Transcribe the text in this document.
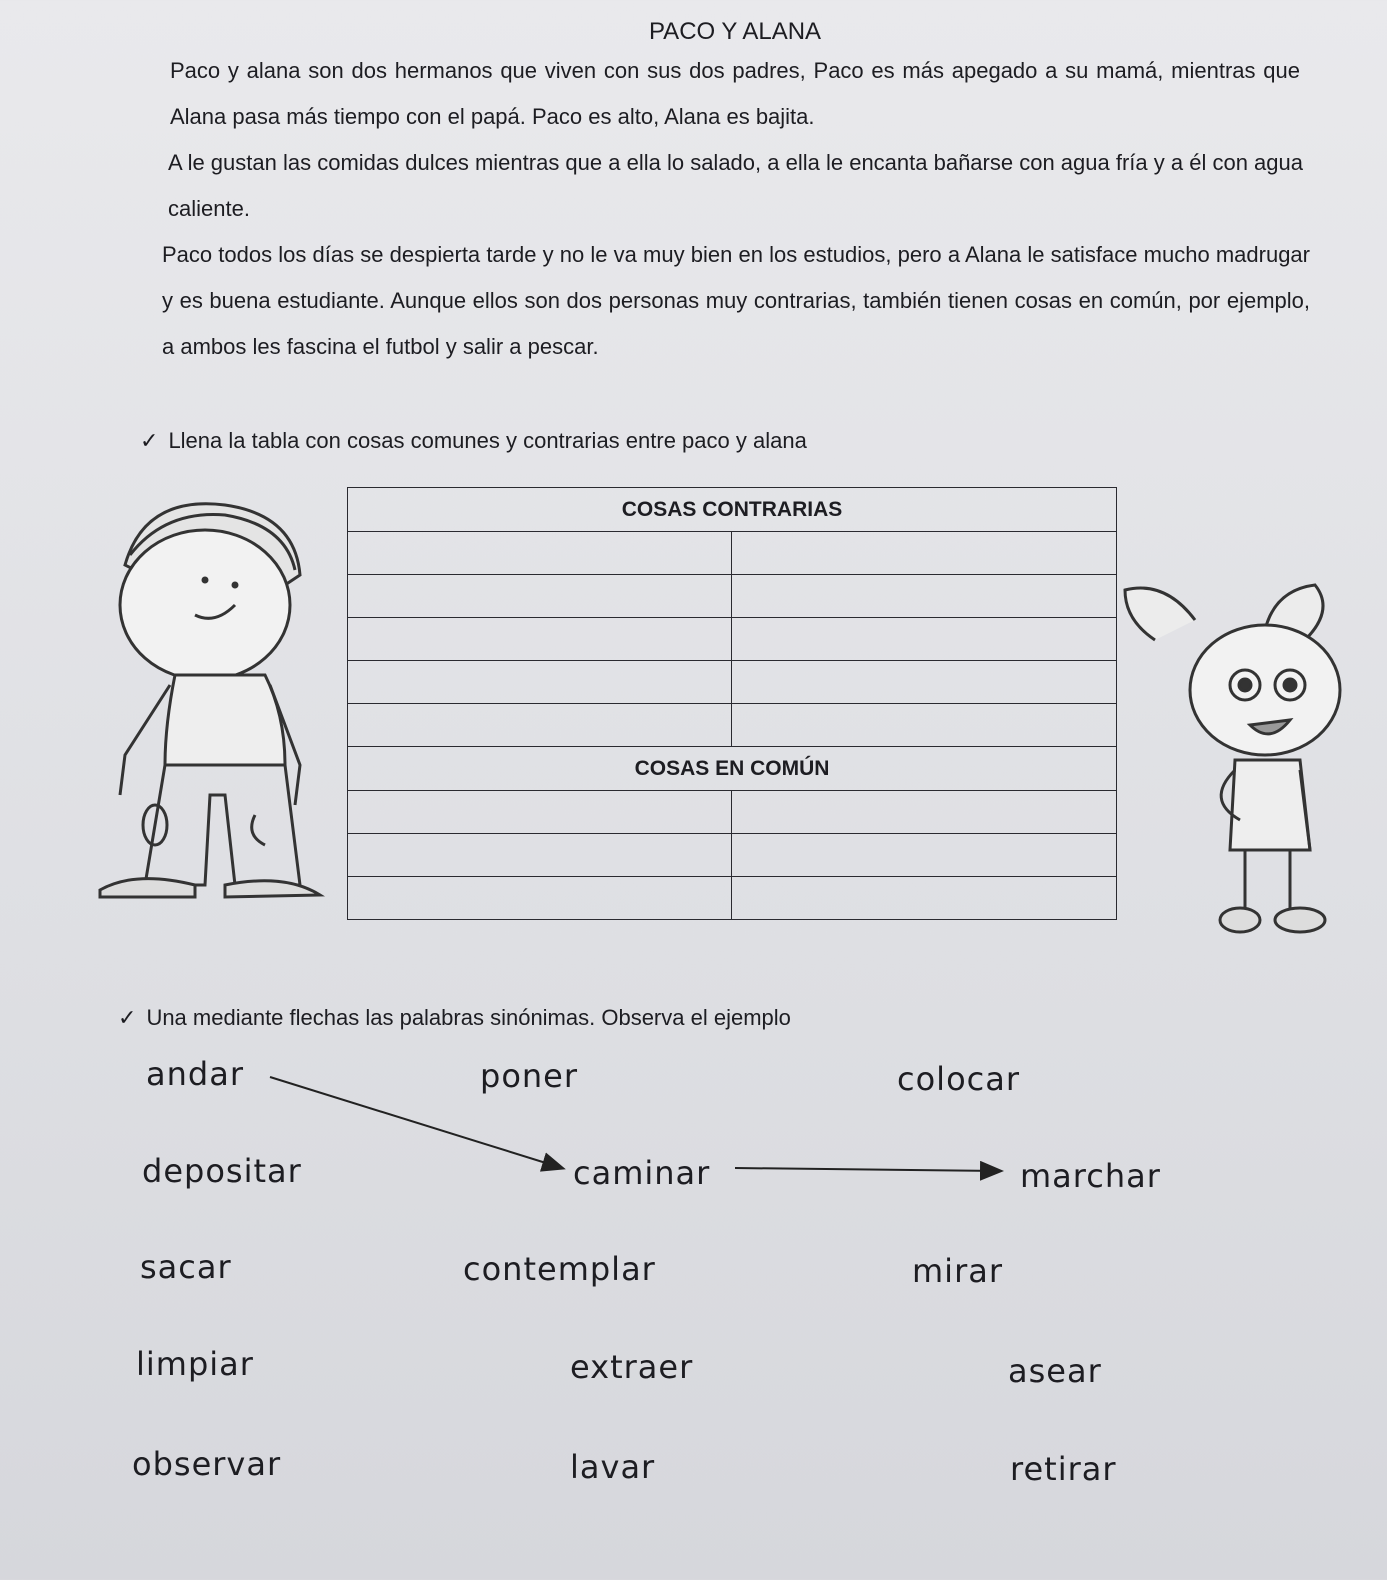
PACO Y ALANA

Paco y alana son dos hermanos que viven con sus dos padres, Paco es más apegado a su mamá, mientras que Alana pasa más tiempo con el papá. Paco es alto, Alana es bajita.

A le gustan las comidas dulces mientras que a ella lo salado, a ella le encanta bañarse con agua fría y a él con agua caliente.

Paco todos los días se despierta tarde y no le va muy bien en los estudios, pero a Alana le satisface mucho madrugar y es buena estudiante. Aunque ellos son dos personas muy contrarias, también tienen cosas en común, por ejemplo, a ambos les fascina el futbol y salir a pescar.

✓ Llena la tabla con cosas comunes y contrarias entre paco y alana
COSAS CONTRARIAS	

COSAS EN COMÚN	

✓ Una mediante flechas las palabras sinónimas. Observa el ejemplo
andar
depositar
sacar
limpiar
observar
poner
caminar
contemplar
extraer
lavar
colocar
marchar
mirar
asear
retirar
